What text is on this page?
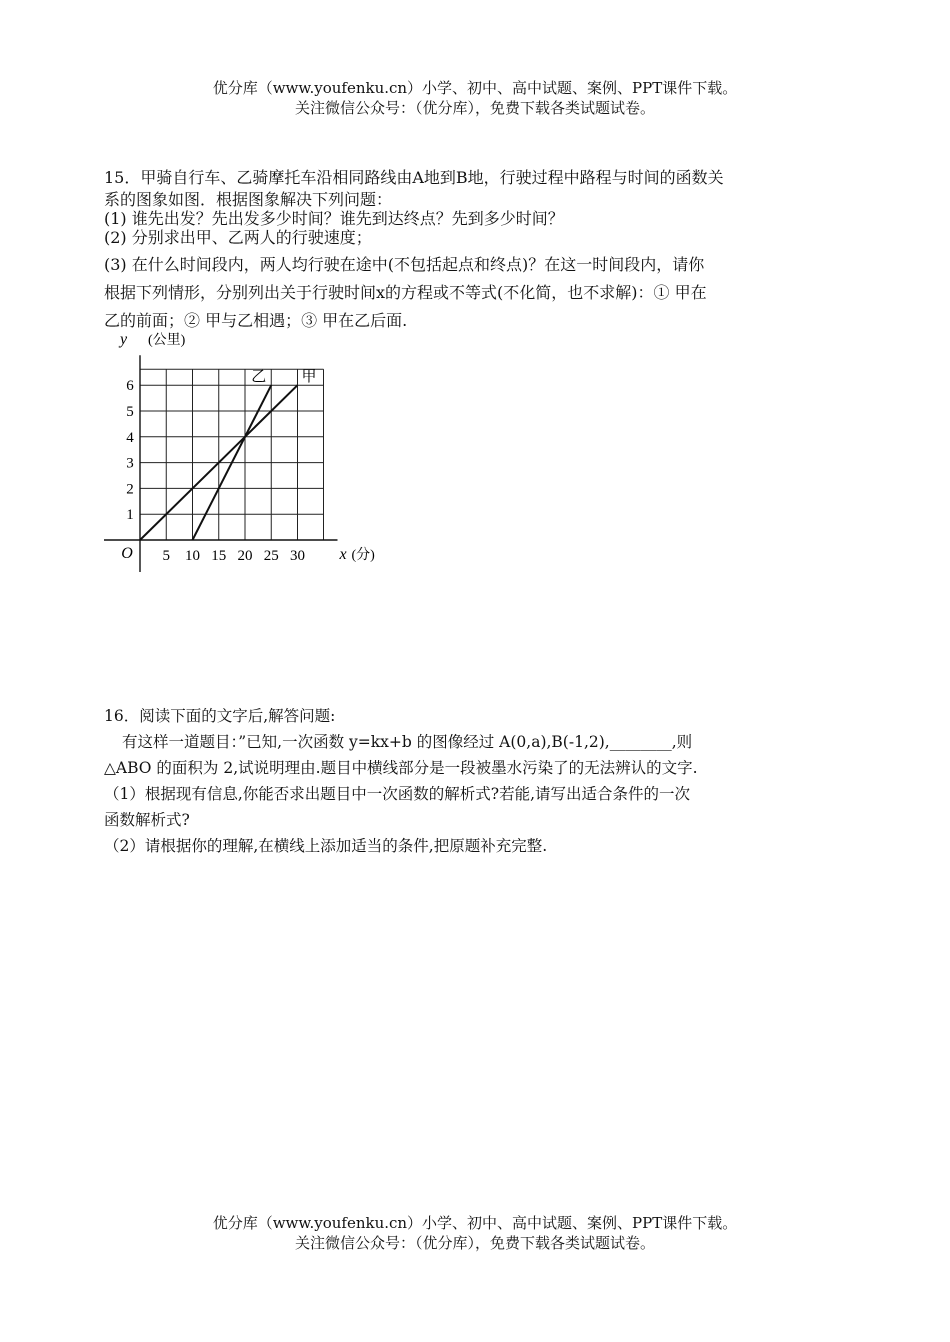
优分库（www.youfenku.cn）小学、初中、高中试题、案例、PPT课件下载。
关注微信公众号：（优分库），免费下载各类试题试卷。
15．甲骑自行车、乙骑摩托车沿相同路线由A地到B地，行驶过程中路程与时间的函数关
系的图象如图．根据图象解决下列问题：
(1) 谁先出发？先出发多少时间？谁先到达终点？先到多少时间？
(2) 分别求出甲、乙两人的行驶速度；
(3) 在什么时间段内，两人均行驶在途中(不包括起点和终点)？在这一时间段内，请你
根据下列情形，分别列出关于行驶时间x的方程或不等式(不化简，也不求解)：① 甲在
乙的前面；② 甲与乙相遇；③ 甲在乙后面.
5 10 15 20 25 30
1
2
3
4
5
6
O
y (公里)
x (分)
甲
乙
16．阅读下面的文字后,解答问题:
有这样一道题目：”已知,一次函数 y=kx+b 的图像经过 A(0,a),B(-1,2),________,则
△ABO 的面积为 2,试说明理由.题目中横线部分是一段被墨水污染了的无法辨认的文字.
（1）根据现有信息,你能否求出题目中一次函数的解析式?若能,请写出适合条件的一次
函数解析式?
（2）请根据你的理解,在横线上添加适当的条件,把原题补充完整.
优分库（www.youfenku.cn）小学、初中、高中试题、案例、PPT课件下载。
关注微信公众号：（优分库），免费下载各类试题试卷。
